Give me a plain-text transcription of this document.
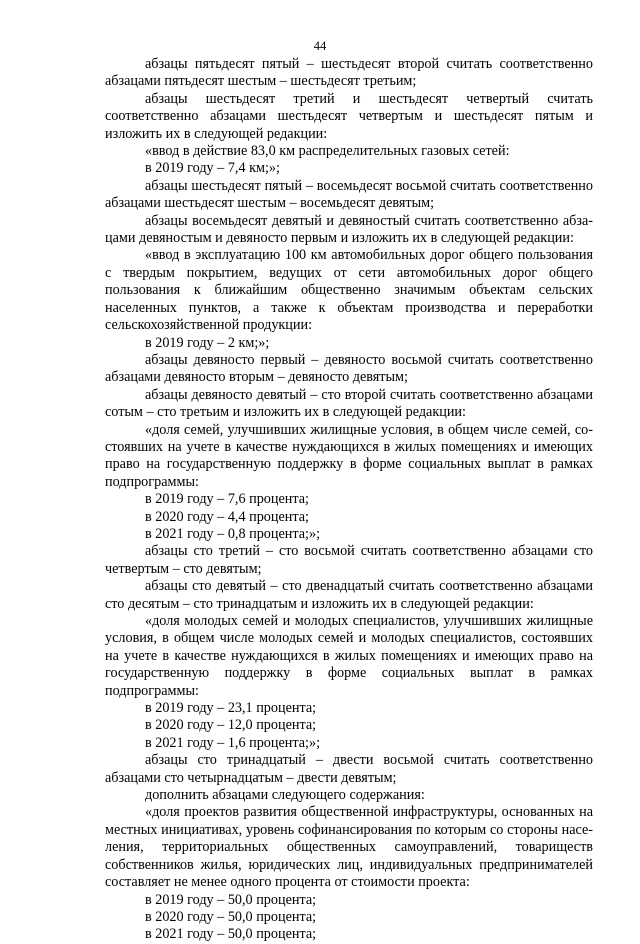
44

абзацы пятьдесят пятый – шестьдесят второй считать соответственно абзацами пятьдесят шестым – шестьдесят третьим;

абзацы шестьдесят третий и шестьдесят четвертый считать соответственно абзацами шестьдесят четвертым и шестьдесят пятым и изложить их в следующей редакции:

«ввод в действие 83,0 км распределительных газовых сетей:

в 2019 году – 7,4 км;»;

абзацы шестьдесят пятый – восемьдесят восьмой считать соответственно абзацами шестьдесят шестым – восемьдесят девятым;

абзацы восемьдесят девятый и девяностый считать соответственно абзацами девяностым и девяносто первым и изложить их в следующей редакции:

«ввод в эксплуатацию 100 км автомобильных дорог общего пользования с твердым покрытием, ведущих от сети автомобильных дорог общего пользования к ближайшим общественно значимым объектам сельских населенных пунктов, а также к объектам производства и переработки сельскохозяйственной продукции:

в 2019 году – 2 км;»;

абзацы девяносто первый – девяносто восьмой считать соответственно абзацами девяносто вторым – девяносто девятым;

абзацы девяносто девятый – сто второй считать соответственно абзацами сотым – сто третьим и изложить их в следующей редакции:

«доля семей, улучшивших жилищные условия, в общем числе семей, состоявших на учете в качестве нуждающихся в жилых помещениях и имеющих право на государственную поддержку в форме социальных выплат в рамках подпрограммы:

в 2019 году – 7,6 процента;

в 2020 году – 4,4 процента;

в 2021 году – 0,8 процента;»;

абзацы сто третий – сто восьмой считать соответственно абзацами сто четвертым – сто девятым;

абзацы сто девятый – сто двенадцатый считать соответственно абзацами сто десятым – сто тринадцатым и изложить их в следующей редакции:

«доля молодых семей и молодых специалистов, улучшивших жилищные условия, в общем числе молодых семей и молодых специалистов, состоявших на учете в качестве нуждающихся в жилых помещениях и имеющих право на государственную поддержку в форме социальных выплат в рамках подпрограммы:

в 2019 году – 23,1 процента;

в 2020 году – 12,0 процента;

в 2021 году – 1,6 процента;»;

абзацы сто тринадцатый – двести восьмой считать соответственно абзацами сто четырнадцатым – двести девятым;

дополнить абзацами следующего содержания:

«доля проектов развития общественной инфраструктуры, основанных на местных инициативах, уровень софинансирования по которым со стороны населения, территориальных общественных самоуправлений, товариществ собственников жилья, юридических лиц, индивидуальных предпринимателей составляет не менее одного процента от стоимости проекта:

в 2019 году – 50,0 процента;

в 2020 году – 50,0 процента;

в 2021 году – 50,0 процента;
